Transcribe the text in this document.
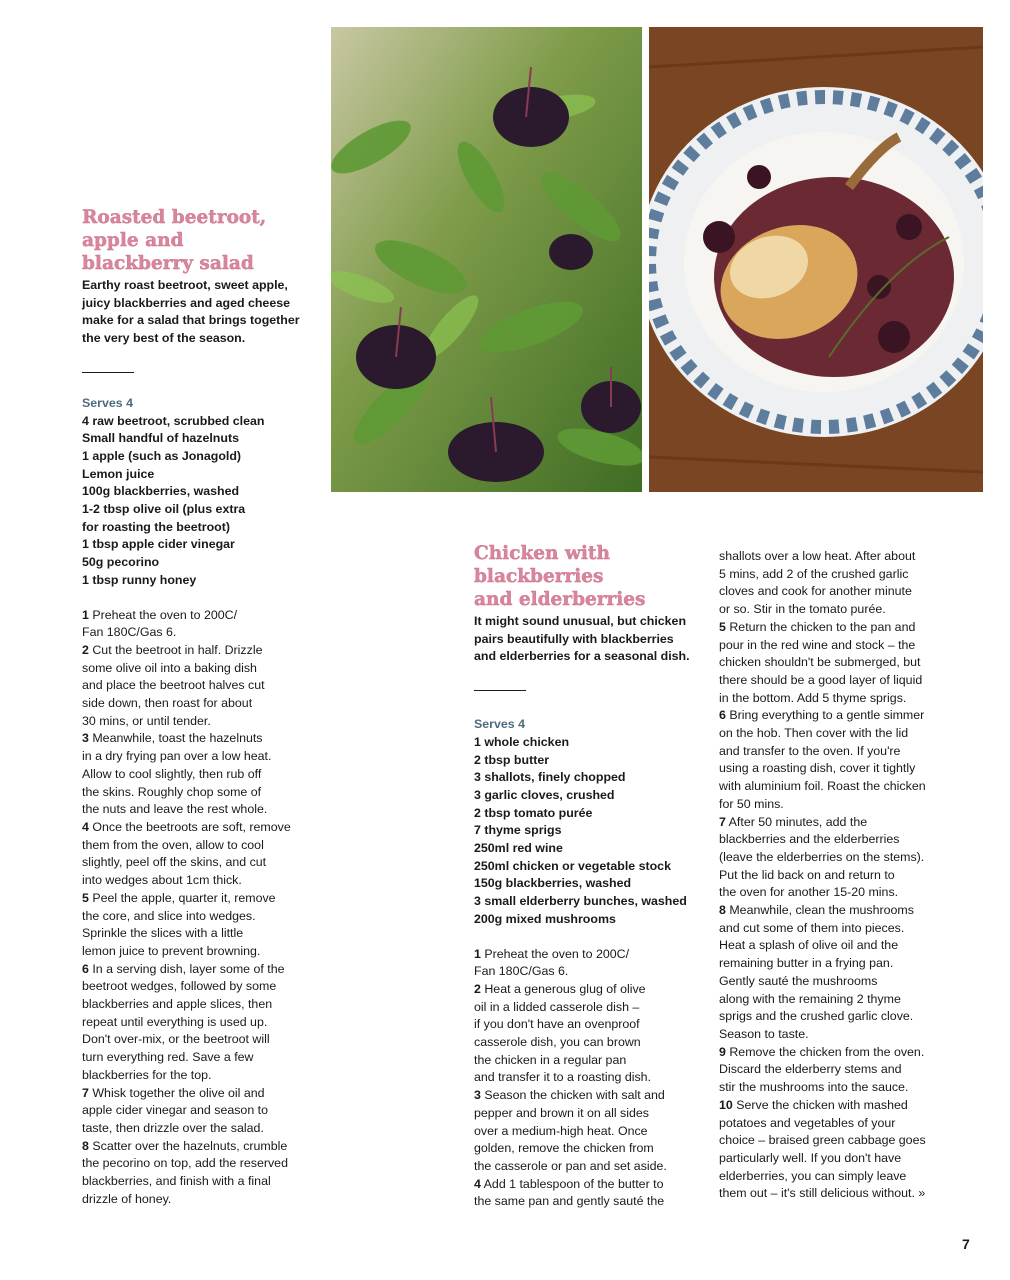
Roasted beetroot,
apple and
blackberry salad

Earthy roast beetroot, sweet apple, juicy blackberries and aged cheese make for a salad that brings together the very best of the season.

Serves 4

4 raw beetroot, scrubbed clean
Small handful of hazelnuts
1 apple (such as Jonagold)
Lemon juice
100g blackberries, washed
1-2 tbsp olive oil (plus extra
for roasting the beetroot)
1 tbsp apple cider vinegar
50g pecorino
1 tbsp runny honey
1 Preheat the oven to 200C/
Fan 180C/Gas 6.
2 Cut the beetroot in half. Drizzle
some olive oil into a baking dish
and place the beetroot halves cut
side down, then roast for about
30 mins, or until tender.
3 Meanwhile, toast the hazelnuts
in a dry frying pan over a low heat.
Allow to cool slightly, then rub off
the skins. Roughly chop some of
the nuts and leave the rest whole.
4 Once the beetroots are soft, remove
them from the oven, allow to cool
slightly, peel off the skins, and cut
into wedges about 1cm thick.
5 Peel the apple, quarter it, remove
the core, and slice into wedges.
Sprinkle the slices with a little
lemon juice to prevent browning.
6 In a serving dish, layer some of the
beetroot wedges, followed by some
blackberries and apple slices, then
repeat until everything is used up.
Don't over-mix, or the beetroot will
turn everything red. Save a few
blackberries for the top.
7 Whisk together the olive oil and
apple cider vinegar and season to
taste, then drizzle over the salad.
8 Scatter over the hazelnuts, crumble
the pecorino on top, add the reserved
blackberries, and finish with a final
drizzle of honey.
Chicken with
blackberries
and elderberries

It might sound unusual, but chicken pairs beautifully with blackberries and elderberries for a seasonal dish.

Serves 4

1 whole chicken
2 tbsp butter
3 shallots, finely chopped
3 garlic cloves, crushed
2 tbsp tomato purée
7 thyme sprigs
250ml red wine
250ml chicken or vegetable stock
150g blackberries, washed
3 small elderberry bunches, washed
200g mixed mushrooms
1 Preheat the oven to 200C/
Fan 180C/Gas 6.
2 Heat a generous glug of olive
oil in a lidded casserole dish –
if you don't have an ovenproof
casserole dish, you can brown
the chicken in a regular pan
and transfer it to a roasting dish.
3 Season the chicken with salt and
pepper and brown it on all sides
over a medium-high heat. Once
golden, remove the chicken from
the casserole or pan and set aside.
4 Add 1 tablespoon of the butter to
the same pan and gently sauté the
shallots over a low heat. After about
5 mins, add 2 of the crushed garlic
cloves and cook for another minute
or so. Stir in the tomato purée.
5 Return the chicken to the pan and
pour in the red wine and stock – the
chicken shouldn't be submerged, but
there should be a good layer of liquid
in the bottom. Add 5 thyme sprigs.
6 Bring everything to a gentle simmer
on the hob. Then cover with the lid
and transfer to the oven. If you're
using a roasting dish, cover it tightly
with aluminium foil. Roast the chicken
for 50 mins.
7 After 50 minutes, add the
blackberries and the elderberries
(leave the elderberries on the stems).
Put the lid back on and return to
the oven for another 15-20 mins.
8 Meanwhile, clean the mushrooms
and cut some of them into pieces.
Heat a splash of olive oil and the
remaining butter in a frying pan.
Gently sauté the mushrooms
along with the remaining 2 thyme
sprigs and the crushed garlic clove.
Season to taste.
9 Remove the chicken from the oven.
Discard the elderberry stems and
stir the mushrooms into the sauce.
10 Serve the chicken with mashed
potatoes and vegetables of your
choice – braised green cabbage goes
particularly well. If you don't have
elderberries, you can simply leave
them out – it's still delicious without. »
7
